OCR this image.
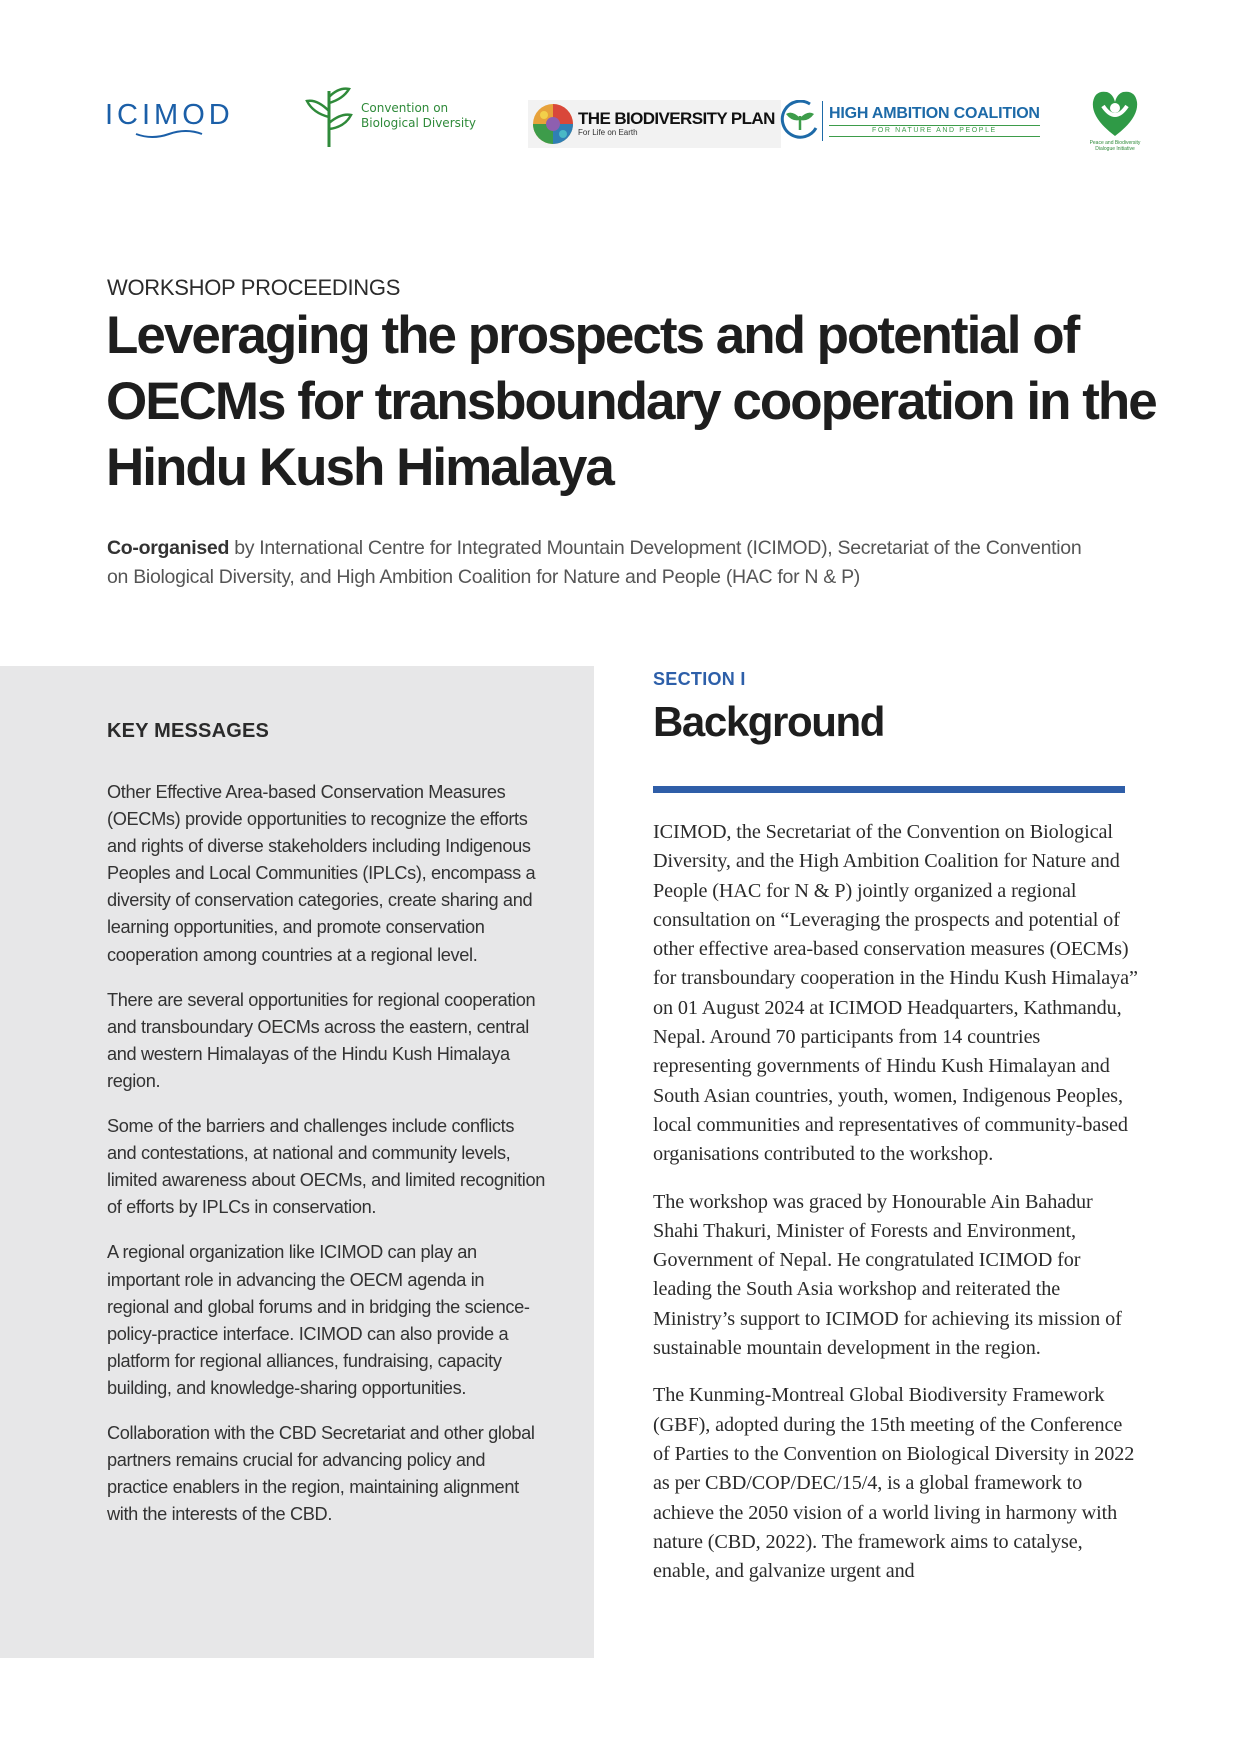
ICIMOD	Convention on
Biological Diversity	THE BIODIVERSITY PLAN
For Life on Earth
HIGH AMBITION COALITION
FOR NATURE AND PEOPLE
Peace and Biodiversity Dialogue Initiative
WORKSHOP PROCEEDINGS
Leveraging the prospects and potential of OECMs for transboundary cooperation in the Hindu Kush Himalaya
Co-organised by International Centre for Integrated Mountain Development (ICIMOD), Secretariat of the Convention on Biological Diversity, and High Ambition Coalition for Nature and People (HAC for N & P)
KEY MESSAGES

Other Effective Area-based Conservation Measures (OECMs) provide opportunities to recognize the efforts and rights of diverse stakeholders including Indigenous Peoples and Local Communities (IPLCs), encompass a diversity of conservation categories, create sharing and learning opportunities, and promote conservation cooperation among countries at a regional level.

There are several opportunities for regional cooperation and transboundary OECMs across the eastern, central and western Himalayas of the Hindu Kush Himalaya region.

Some of the barriers and challenges include conflicts and contestations, at national and community levels, limited awareness about OECMs, and limited recognition of efforts by IPLCs in conservation.

A regional organization like ICIMOD can play an important role in advancing the OECM agenda in regional and global forums and in bridging the science-policy-practice interface. ICIMOD can also provide a platform for regional alliances, fundraising, capacity building, and knowledge-sharing opportunities.

Collaboration with the CBD Secretariat and other global partners remains crucial for advancing policy and practice enablers in the region, maintaining alignment with the interests of the CBD.

SECTION I
Background

ICIMOD, the Secretariat of the Convention on Biological Diversity, and the High Ambition Coalition for Nature and People (HAC for N & P) jointly organized a regional consultation on “Leveraging the prospects and potential of other effective area-based conservation measures (OECMs) for transboundary cooperation in the Hindu Kush Himalaya” on 01 August 2024 at ICIMOD Headquarters, Kathmandu, Nepal. Around 70 participants from 14 countries representing governments of Hindu Kush Himalayan and South Asian countries, youth, women, Indigenous Peoples, local communities and representatives of community-based organisations contributed to the workshop.

The workshop was graced by Honourable Ain Bahadur Shahi Thakuri, Minister of Forests and Environment, Government of Nepal. He congratulated ICIMOD for leading the South Asia workshop and reiterated the Ministry’s support to ICIMOD for achieving its mission of sustainable mountain development in the region.

The Kunming-Montreal Global Biodiversity Framework (GBF), adopted during the 15th meeting of the Conference of Parties to the Convention on Biological Diversity in 2022 as per CBD/COP/DEC/15/4, is a global framework to achieve the 2050 vision of a world living in harmony with nature (CBD, 2022). The framework aims to catalyse, enable, and galvanize urgent and
